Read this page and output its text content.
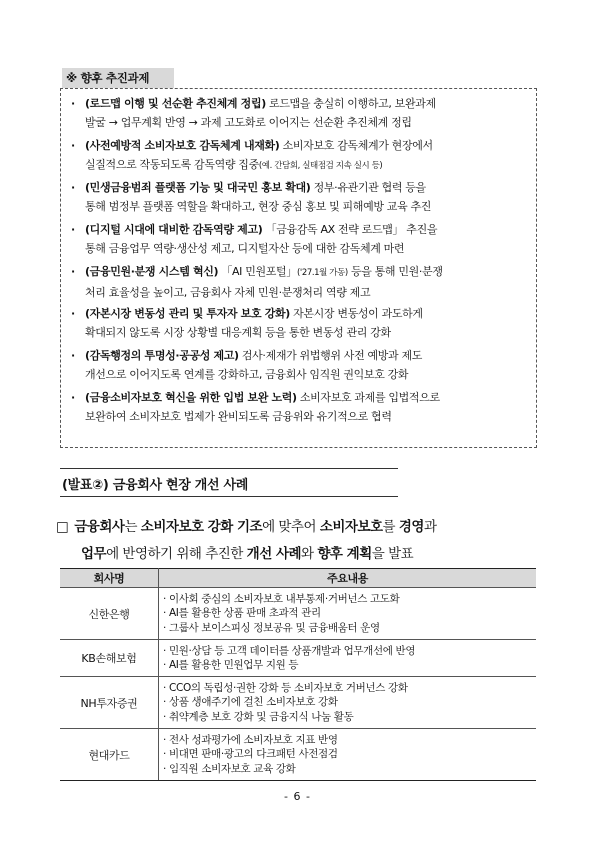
※ 향후 추진과제
· (로드맵 이행 및 선순환 추진체계 정립) 로드맵을 충실히 이행하고, 보완과제
발굴 → 업무계획 반영 → 과제 고도화로 이어지는 선순환 추진체계 정립
· (사전예방적 소비자보호 감독체계 내재화) 소비자보호 감독체계가 현장에서
실질적으로 작동되도록 감독역량 집중(예. 간담회, 실태점검 지속 실시 등)
· (민생금융범죄 플랫폼 기능 및 대국민 홍보 확대) 정부·유관기관 협력 등을
통해 범정부 플랫폼 역할을 확대하고, 현장 중심 홍보 및 피해예방 교육 추진
· (디지털 시대에 대비한 감독역량 제고) 「금융감독 AX 전략 로드맵」 추진을
통해 금융업무 역량·생산성 제고, 디지털자산 등에 대한 감독체계 마련
· (금융민원·분쟁 시스템 혁신) 「AI 민원포털」('27.1월 가동) 등을 통해 민원·분쟁
처리 효율성을 높이고, 금융회사 자체 민원·분쟁처리 역량 제고
· (자본시장 변동성 관리 및 투자자 보호 강화) 자본시장 변동성이 과도하게
확대되지 않도록 시장 상황별 대응계획 등을 통한 변동성 관리 강화
· (감독행정의 투명성·공공성 제고) 검사·제재가 위법행위 사전 예방과 제도
개선으로 이어지도록 연계를 강화하고, 금융회사 임직원 권익보호 강화
· (금융소비자보호 혁신을 위한 입법 보완 노력) 소비자보호 과제를 입법적으로
보완하여 소비자보호 법제가 완비되도록 금융위와 유기적으로 협력
(발표②) 금융회사 현장 개선 사례
□ 금융회사는 소비자보호 강화 기조에 맞추어 소비자보호를 경영과
업무에 반영하기 위해 추진한 개선 사례와 향후 계획을 발표
회사명	주요내용
신한은행	· 이사회 중심의 소비자보호 내부통제·거버넌스 고도화
· AI를 활용한 상품 판매 초과적 관리
· 그룹사 보이스피싱 정보공유 및 금융배움터 운영

KB손해보험	· 민원·상담 등 고객 데이터를 상품개발과 업무개선에 반영
· AI를 활용한 민원업무 지원 등

NH투자증권	· CCO의 독립성·권한 강화 등 소비자보호 거버넌스 강화
· 상품 생애주기에 걸친 소비자보호 강화
· 취약계층 보호 강화 및 금융지식 나눔 활동

현대카드	· 전사 성과평가에 소비자보호 지표 반영
· 비대면 판매·광고의 다크패턴 사전점검
· 임직원 소비자보호 교육 강화
- 6 -
